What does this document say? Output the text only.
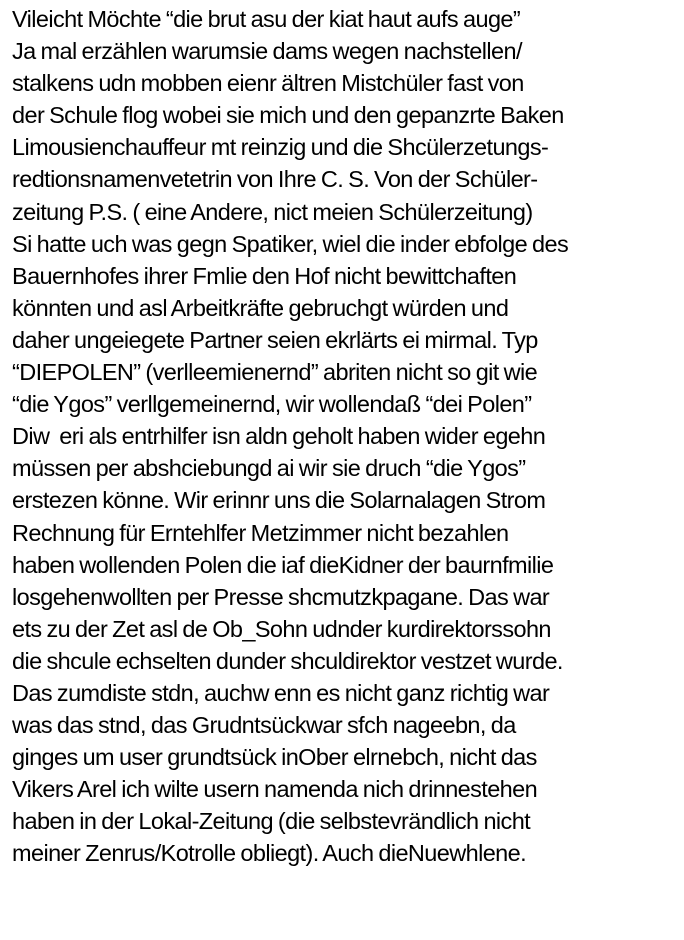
Vileicht Möchte “die brut asu der kiat haut aufs auge”
Ja mal erzählen warumsie dams wegen nachstellen/
stalkens udn mobben eienr ältren Mistchüler fast von
der Schule flog wobei sie mich und den gepanzrte Baken
Limousienchauffeur mt reinzig und die Shcülerzetungs-
redtionsnamenvetetrin von Ihre C. S. Von der Schüler-
zeitung P.S. ( eine Andere, nict meien Schülerzeitung)
Si hatte uch was gegn Spatiker, wiel die inder ebfolge des
Bauernhofes ihrer Fmlie den Hof nicht bewittchaften
könnten und asl Arbeitkräfte gebruchgt würden und
daher ungeiegete Partner seien ekrlärts ei mirmal. Typ
“DIEPOLEN” (verlleemienernd” abriten nicht so git wie
“die Ygos” verllgemeinernd, wir wollendaß “dei Polen”
Diw  eri als entrhilfer isn aldn geholt haben wider egehn
müssen per abshciebungd ai wir sie druch “die Ygos”
erstezen könne. Wir erinnr uns die Solarnalagen Strom
Rechnung für Erntehlfer Metzimmer nicht bezahlen
haben wollenden Polen die iaf dieKidner der baurnfmilie
losgehenwollten per Presse shcmutzkpagane. Das war
ets zu der Zet asl de Ob_Sohn udnder kurdirektorssohn
die shcule echselten dunder shculdirektor vestzet wurde.
Das zumdiste stdn, auchw enn es nicht ganz richtig war
was das stnd, das Grudntsückwar sfch nageebn, da
ginges um user grundtsück inOber elrnebch, nicht das
Vikers Arel ich wilte usern namenda nich drinnestehen
haben in der Lokal-Zeitung (die selbstevrändlich nicht
meiner Zenrus/Kotrolle obliegt). Auch dieNuewhlene.
